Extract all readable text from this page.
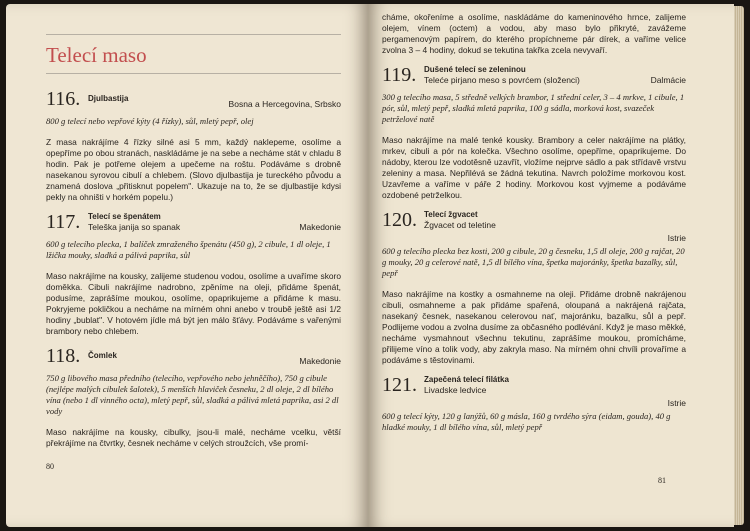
Telecí maso
116. Djulbastija
Bosna a Hercegovina, Srbsko
800 g telecí nebo vepřové kýty (4 řízky), sůl, mletý pepř, olej
Z masa nakrájíme 4 řízky silné asi 5 mm, každý naklepeme, osolíme a opepříme po obou stranách, naskládáme je na sebe a necháme stát v chladu 8 hodin. Pak je potřeme olejem a upečeme na roštu. Podáváme s drobně nasekanou syrovou cibulí a chlebem. (Slovo djulbastija je tureckého původu a znamená doslova „přitisknut popelem". Ukazuje na to, že se djulbastije kdysi pekly na ohništi v horkém popelu.)
117. Telecí se špenátem
Teleška janija so spanak	Makedonie
600 g telecího plecka, 1 balíček zmraženého špenátu (450 g), 2 cibule, 1 dl oleje, 1 lžička mouky, sladká a pálivá paprika, sůl
Maso nakrájíme na kousky, zalijeme studenou vodou, osolíme a uvaříme skoro doměkka. Cibuli nakrájíme nadrobno, zpěníme na oleji, přidáme špenát, podusíme, zaprášíme moukou, osolíme, opaprikujeme a přidáme k masu. Pokryjeme pokličkou a necháme na mírném ohni anebo v troubě ještě asi 1/2 hodiny „bublat". V hotovém jídle má být jen málo šťávy. Podáváme s vařenými brambory nebo chlebem.
118. Čomlek
Makedonie
750 g libového masa předního (telecího, vepřového nebo jehněčího), 750 g cibule (nejlépe malých cibulek šalotek), 5 menších hlaviček česneku, 2 dl oleje, 2 dl bílého vína (nebo 1 dl vinného octa), mletý pepř, sůl, sladká a pálivá mletá paprika, asi 2 dl vody
Maso nakrájíme na kousky, cibulky, jsou-li malé, necháme vcelku, větší překrájíme na čtvrtky, česnek necháme v celých stroužcích, vše promí-
80
cháme, okořeníme a osolíme, naskládáme do kameninového hrnce, zalijeme olejem, vínem (octem) a vodou, aby maso bylo přikryté, zavážeme pergamenovým papírem, do kterého propíchneme pár dírek, a vaříme velice zvolna 3 – 4 hodiny, dokud se tekutina takřka zcela nevyvaří.
119. Dušené telecí se zeleninou
Teleće pirjano meso s povrćem (složenci)	Dalmácie
300 g telecího masa, 5 středně velkých brambor, 1 střední celer, 3 – 4 mrkve, 1 cibule, 1 pór, sůl, mletý pepř, sladká mletá paprika, 100 g sádla, morková kost, svazeček petrželové natě
Maso nakrájíme na malé tenké kousky. Brambory a celer nakrájíme na plátky, mrkev, cibuli a pór na kolečka. Všechno osolíme, opepříme, opaprikujeme. Do nádoby, kterou lze vodotěsně uzavřít, vložíme nejprve sádlo a pak střídavě vrstvu zeleniny a masa. Nepřilévá se žádná tekutina. Navrch položíme morkovou kost. Uzavřeme a vaříme v páře 2 hodiny. Morkovou kost vyjmeme a podáváme ozdobené petrželkou.
120. Telecí žgvacet
Žgvacet od teletine
Istrie
600 g telecího plecka bez kosti, 200 g cibule, 20 g česneku, 1,5 dl oleje, 200 g rajčat, 20 g mouky, 20 g celerové natě, 1,5 dl bílého vína, špetka majoránky, špetka bazalky, sůl, pepř
Maso nakrájíme na kostky a osmahneme na oleji. Přidáme drobně nakrájenou cibuli, osmahneme a pak přidáme spařená, oloupaná a nakrájená rajčata, nasekaný česnek, nasekanou celerovou nať, majoránku, bazalku, sůl a pepř. Podlijeme vodou a zvolna dusíme za občasného podlévání. Když je maso měkké, necháme vysmahnout všechnu tekutinu, zaprášíme moukou, promícháme, přilijeme víno a tolik vody, aby zakryla maso. Na mírném ohni chvíli provaříme a podáváme s těstovinami.
121. Zapečená telecí filátka
Livadske ledvice
Istrie
600 g telecí kýty, 120 g lanýžů, 60 g másla, 160 g tvrdého sýra (eidam, gouda), 40 g hladké mouky, 1 dl bílého vína, sůl, mletý pepř
81
